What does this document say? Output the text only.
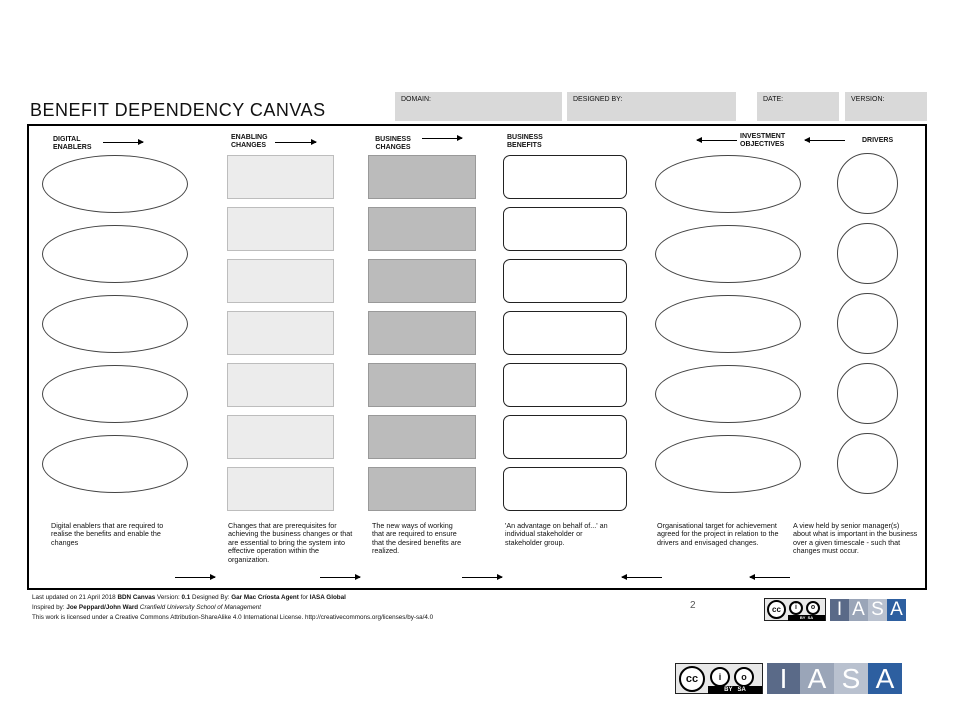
BENEFIT DEPENDENCY CANVAS
DOMAIN:	DESIGNED BY:	DATE:	VERSION:
DIGITAL
ENABLERS
ENABLING
CHANGES
BUSINESS
CHANGES
BUSINESS
BENEFITS
INVESTMENT
OBJECTIVES
DRIVERS
Digital enablers that are required to realise the benefits and enable the changes
Changes that are prerequisites for achieving the business changes or that are essential to bring the system into effective operation within the organization.
The new ways of working that are required to ensure that the desired benefits are realized.
'An advantage on behalf of...' an individual stakeholder or stakeholder group.
Organisational target for achievement agreed for the project in relation to the drivers and envisaged changes.
A view held by senior manager(s) about what is important in the business over a given timescale - such that changes must occur.
Last updated on 21 April 2018 BDN Canvas Version: 0.1 Designed By: Gar Mac Críosta Agent for IASA Global
Inspired by: Joe Peppard/John Ward Cranfield University School of Management
This work is licensed under a Creative Commons Attribution-ShareAlike 4.0 International License. http://creativecommons.org/licenses/by-sa/4.0
2	cc	i	o
BY SA	I A S A
cc	i	o
BY SA	I A S A
